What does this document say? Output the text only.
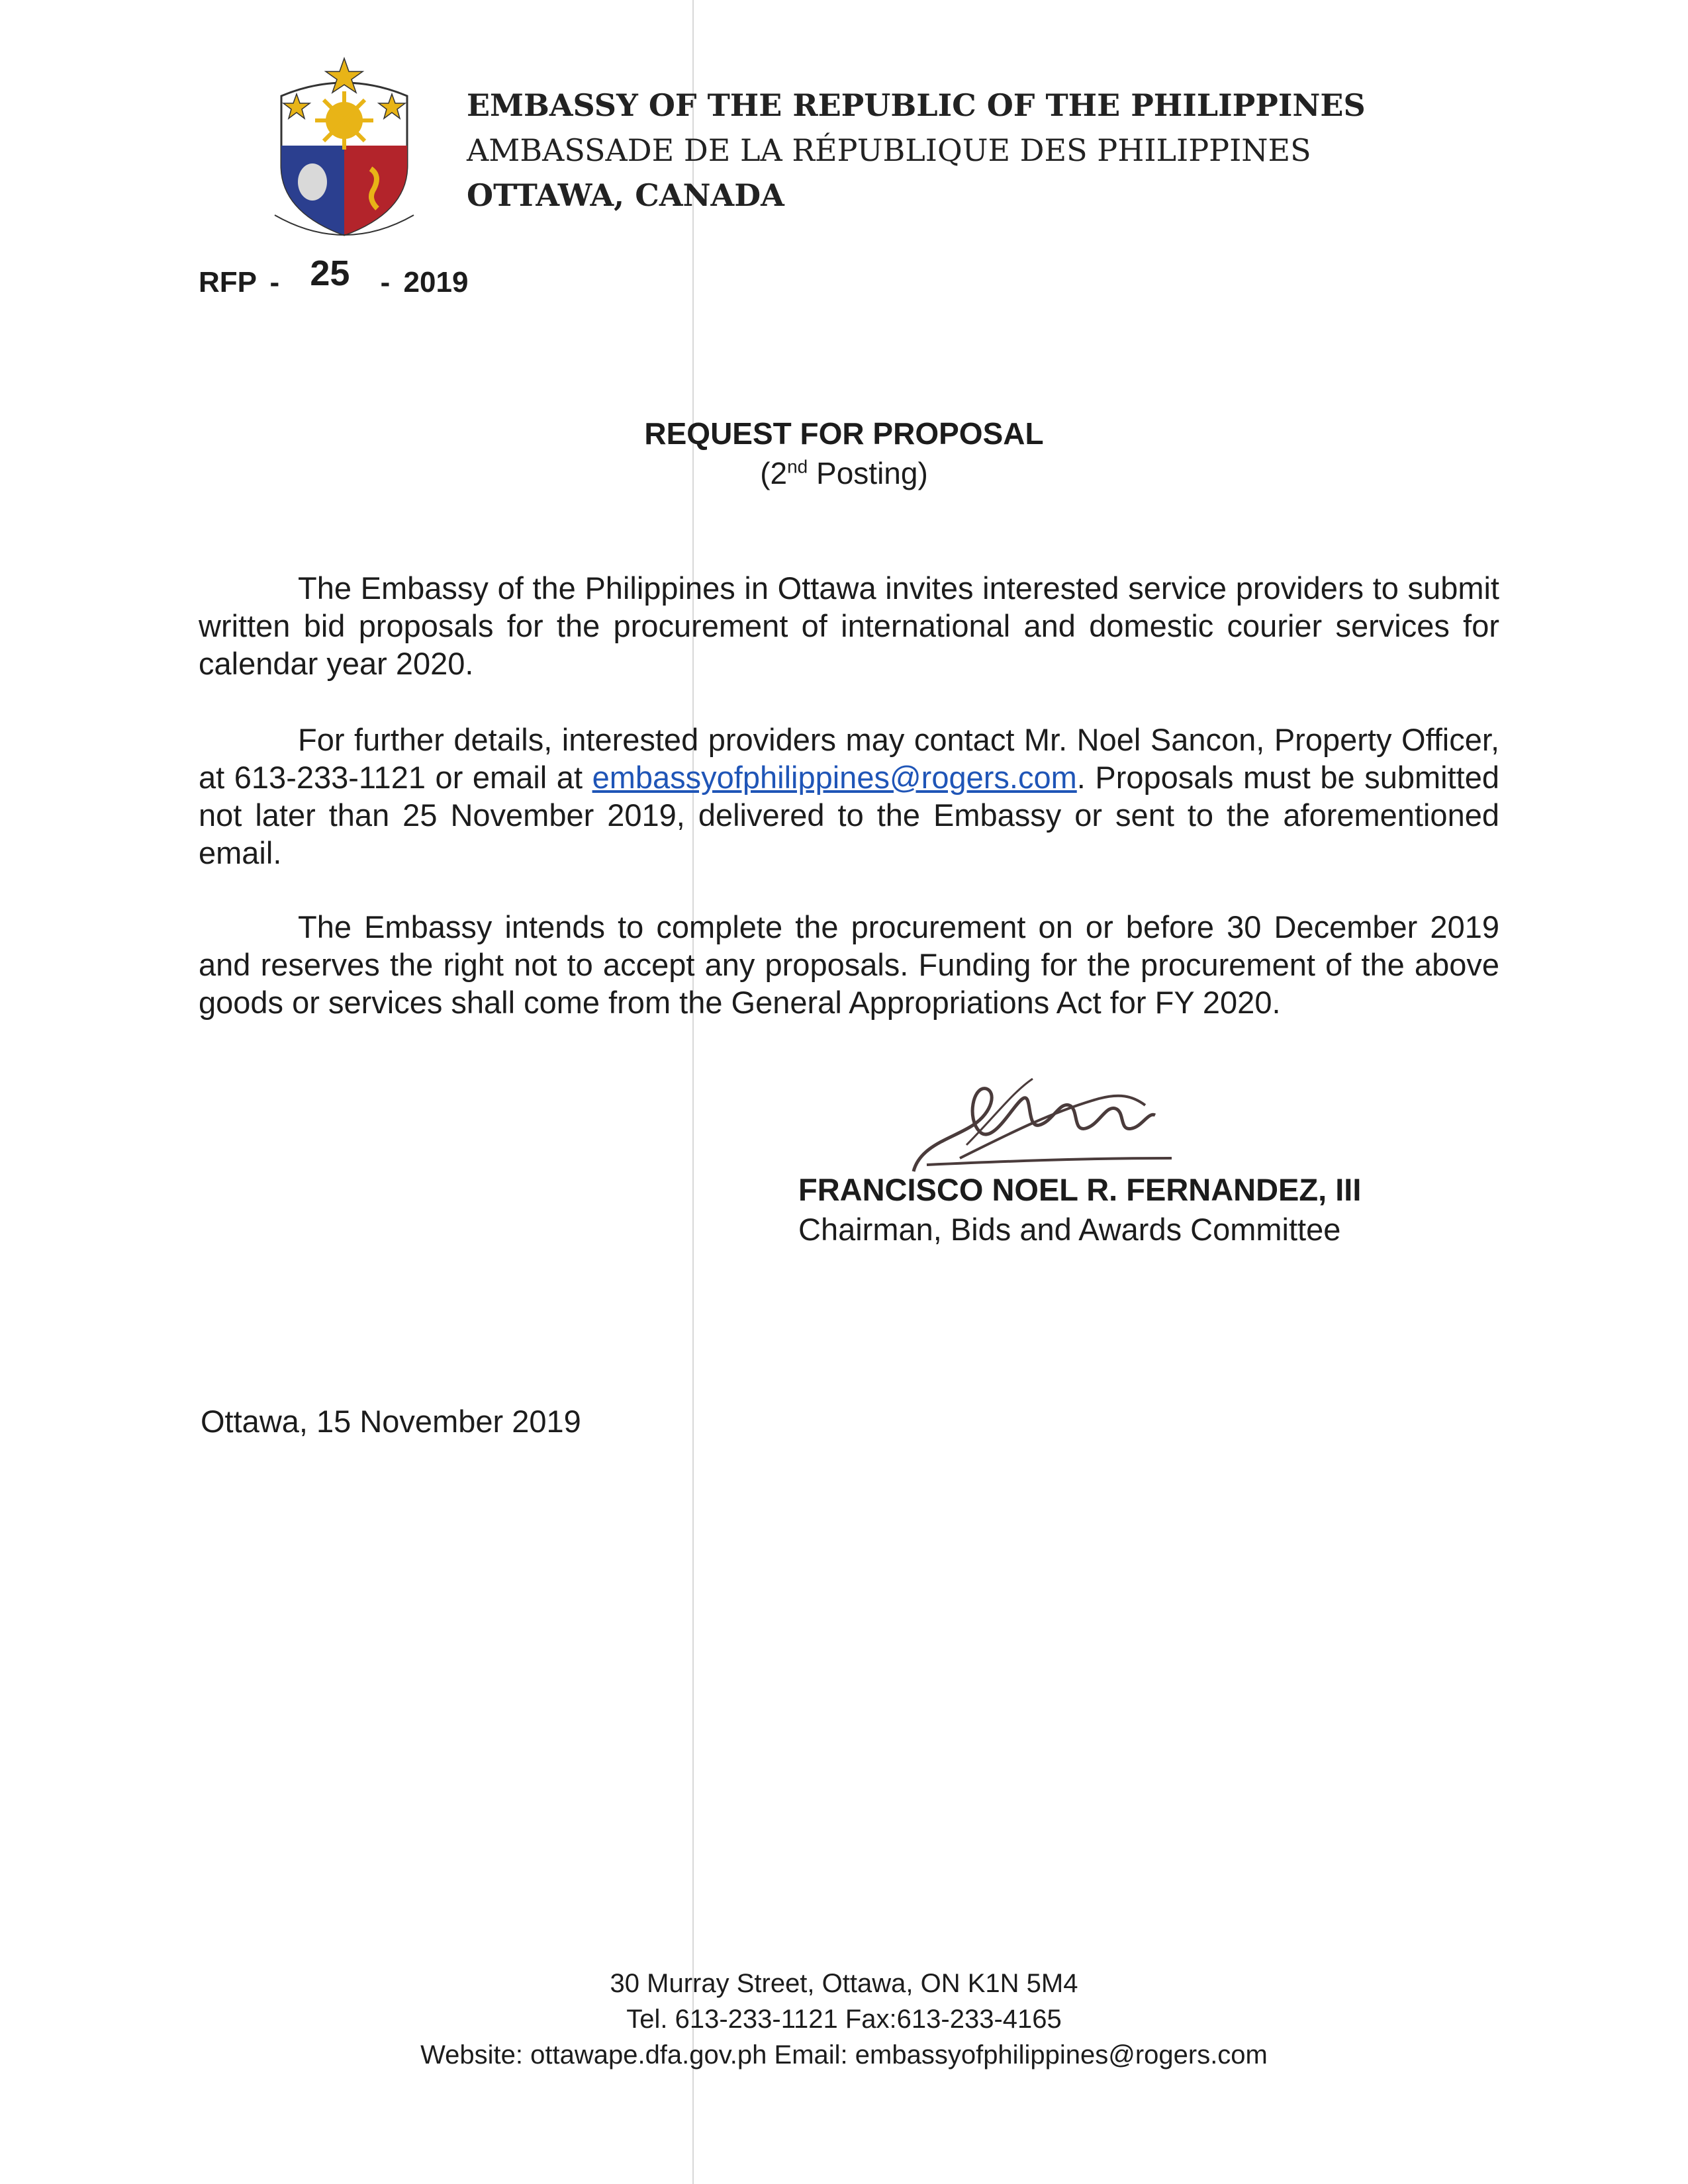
EMBASSY OF THE REPUBLIC OF THE PHILIPPINES
AMBASSADE DE LA RÉPUBLIQUE DES PHILIPPINES
OTTAWA, CANADA
RFP - 25 - 2019
REQUEST FOR PROPOSAL
(2nd Posting)
The Embassy of the Philippines in Ottawa invites interested service providers to submit written bid proposals for the procurement of international and domestic courier services for calendar year 2020.
For further details, interested providers may contact Mr. Noel Sancon, Property Officer, at 613-233-1121 or email at embassyofphilippines@rogers.com. Proposals must be submitted not later than 25 November 2019, delivered to the Embassy or sent to the aforementioned email.
The Embassy intends to complete the procurement on or before 30 December 2019 and reserves the right not to accept any proposals. Funding for the procurement of the above goods or services shall come from the General Appropriations Act for FY 2020.
FRANCISCO NOEL R. FERNANDEZ, III
Chairman, Bids and Awards Committee
Ottawa, 15 November 2019
30 Murray Street, Ottawa, ON K1N 5M4
Tel. 613-233-1121 Fax:613-233-4165
Website: ottawape.dfa.gov.ph Email: embassyofphilippines@rogers.com
